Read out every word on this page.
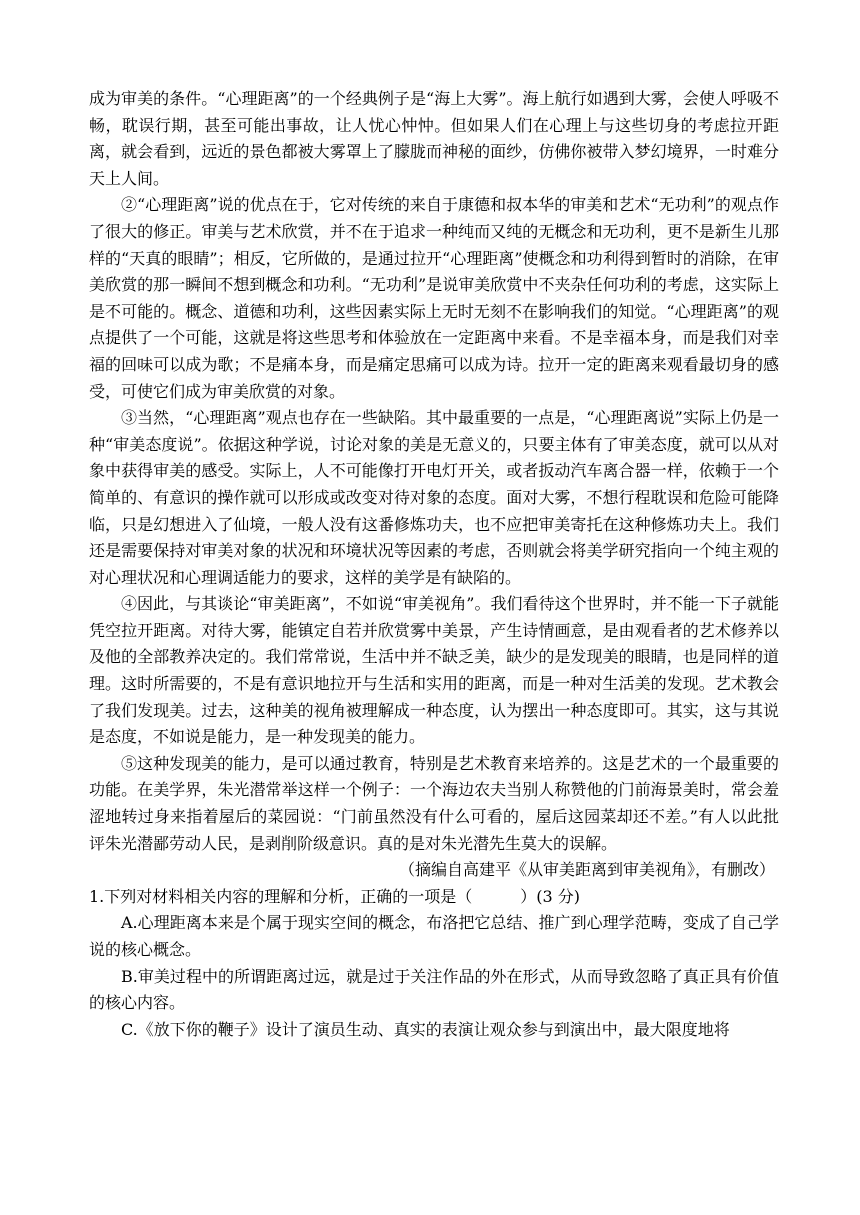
成为审美的条件。“心理距离”的一个经典例子是“海上大雾”。海上航行如遇到大雾，会使人呼吸不畅，耽误行期，甚至可能出事故，让人忧心忡忡。但如果人们在心理上与这些切身的考虑拉开距离，就会看到，远近的景色都被大雾罩上了朦胧而神秘的面纱，仿佛你被带入梦幻境界，一时难分天上人间。

②“心理距离”说的优点在于，它对传统的来自于康德和叔本华的审美和艺术“无功利”的观点作了很大的修正。审美与艺术欣赏，并不在于追求一种纯而又纯的无概念和无功利，更不是新生儿那样的“天真的眼睛”；相反，它所做的，是通过拉开“心理距离”使概念和功利得到暂时的消除，在审美欣赏的那一瞬间不想到概念和功利。“无功利”是说审美欣赏中不夹杂任何功利的考虑，这实际上是不可能的。概念、道德和功利，这些因素实际上无时无刻不在影响我们的知觉。“心理距离”的观点提供了一个可能，这就是将这些思考和体验放在一定距离中来看。不是幸福本身，而是我们对幸福的回味可以成为歌；不是痛本身，而是痛定思痛可以成为诗。拉开一定的距离来观看最切身的感受，可使它们成为审美欣赏的对象。

③当然，“心理距离”观点也存在一些缺陷。其中最重要的一点是，“心理距离说”实际上仍是一种“审美态度说”。依据这种学说，讨论对象的美是无意义的，只要主体有了审美态度，就可以从对象中获得审美的感受。实际上，人不可能像打开电灯开关，或者扳动汽车离合器一样，依赖于一个简单的、有意识的操作就可以形成或改变对待对象的态度。面对大雾，不想行程耽误和危险可能降临，只是幻想进入了仙境，一般人没有这番修炼功夫，也不应把审美寄托在这种修炼功夫上。我们还是需要保持对审美对象的状况和环境状况等因素的考虑，否则就会将美学研究指向一个纯主观的对心理状况和心理调适能力的要求，这样的美学是有缺陷的。

④因此，与其谈论“审美距离”，不如说“审美视角”。我们看待这个世界时，并不能一下子就能凭空拉开距离。对待大雾，能镇定自若并欣赏雾中美景，产生诗情画意，是由观看者的艺术修养以及他的全部教养决定的。我们常常说，生活中并不缺乏美，缺少的是发现美的眼睛，也是同样的道理。这时所需要的，不是有意识地拉开与生活和实用的距离，而是一种对生活美的发现。艺术教会了我们发现美。过去，这种美的视角被理解成一种态度，认为摆出一种态度即可。其实，这与其说是态度，不如说是能力，是一种发现美的能力。

⑤这种发现美的能力，是可以通过教育，特别是艺术教育来培养的。这是艺术的一个最重要的功能。在美学界，朱光潜常举这样一个例子：一个海边农夫当别人称赞他的门前海景美时，常会羞涩地转过身来指着屋后的菜园说：“门前虽然没有什么可看的，屋后这园菜却还不差。”有人以此批评朱光潜鄙劳动人民，是剥削阶级意识。真的是对朱光潜先生莫大的误解。

（摘编自高建平《从审美距离到审美视角》，有删改）

1.下列对材料相关内容的理解和分析，正确的一项是（　　　）(3 分)

A.心理距离本来是个属于现实空间的概念，布洛把它总结、推广到心理学范畴，变成了自己学说的核心概念。

B.审美过程中的所谓距离过远，就是过于关注作品的外在形式，从而导致忽略了真正具有价值的核心内容。

C.《放下你的鞭子》设计了演员生动、真实的表演让观众参与到演出中，最大限度地将
